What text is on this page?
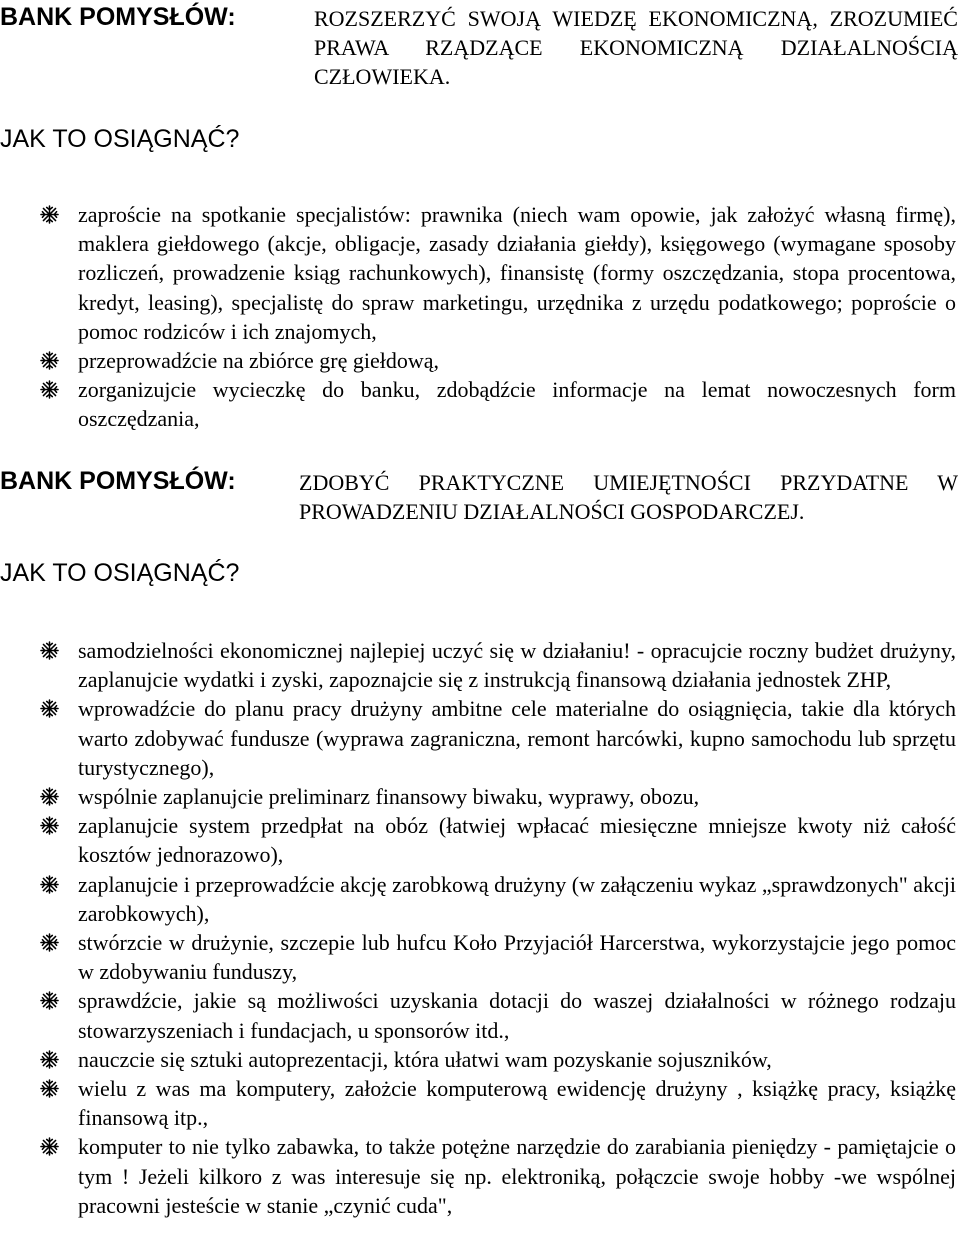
BANK POMYSŁÓW:	ROZSZERZYĆ SWOJĄ WIEDZĘ EKONOMICZNĄ, ZROZUMIEĆ PRAWA RZĄDZĄCE EKONOMICZNĄ DZIAŁALNOŚCIĄ CZŁOWIEKA.
JAK TO OSIĄGNĄĆ?
zaproście na spotkanie specjalistów: prawnika (niech wam opowie, jak założyć własną firmę), maklera giełdowego (akcje, obligacje, zasady działania giełdy), księgowego (wymagane sposoby rozliczeń, prowadzenie ksiąg rachunkowych), finansistę (formy oszczędzania, stopa procentowa, kredyt, leasing), specjalistę do spraw marketingu, urzędnika z urzędu podatkowego; poproście o pomoc rodziców i ich znajomych,
przeprowadźcie na zbiórce grę giełdową,
zorganizujcie wycieczkę do banku, zdobądźcie informacje na lemat nowoczesnych form oszczędzania,
BANK POMYSŁÓW:	ZDOBYĆ PRAKTYCZNE UMIEJĘTNOŚCI PRZYDATNE W PROWADZENIU DZIAŁALNOŚCI GOSPODARCZEJ.
JAK TO OSIĄGNĄĆ?
samodzielności ekonomicznej najlepiej uczyć się w działaniu! - opracujcie roczny budżet drużyny, zaplanujcie wydatki i zyski, zapoznajcie się z instrukcją finansową działania jednostek ZHP,
wprowadźcie do planu pracy drużyny ambitne cele materialne do osiągnięcia, takie dla których warto zdobywać fundusze (wyprawa zagraniczna, remont harcówki, kupno samochodu lub sprzętu turystycznego),
wspólnie zaplanujcie preliminarz finansowy biwaku, wyprawy, obozu,
zaplanujcie system przedpłat na obóz (łatwiej wpłacać miesięczne mniejsze kwoty niż całość kosztów jednorazowo),
zaplanujcie i przeprowadźcie akcję zarobkową drużyny (w załączeniu wykaz „sprawdzonych" akcji zarobkowych),
stwórzcie w drużynie, szczepie lub hufcu Koło Przyjaciół Harcerstwa, wykorzystajcie jego pomoc w zdobywaniu funduszy,
sprawdźcie, jakie są możliwości uzyskania dotacji do waszej działalności w różnego rodzaju stowarzyszeniach i fundacjach, u sponsorów itd.,
nauczcie się sztuki autoprezentacji, która ułatwi wam pozyskanie sojuszników,
wielu z was ma komputery, założcie komputerową ewidencję drużyny , książkę pracy, książkę finansową itp.,
komputer to nie tylko zabawka, to także potężne narzędzie do zarabiania pieniędzy - pamiętajcie o tym ! Jeżeli kilkoro z was interesuje się np. elektroniką, połączcie swoje hobby -we wspólnej pracowni jesteście w stanie „czynić cuda",
